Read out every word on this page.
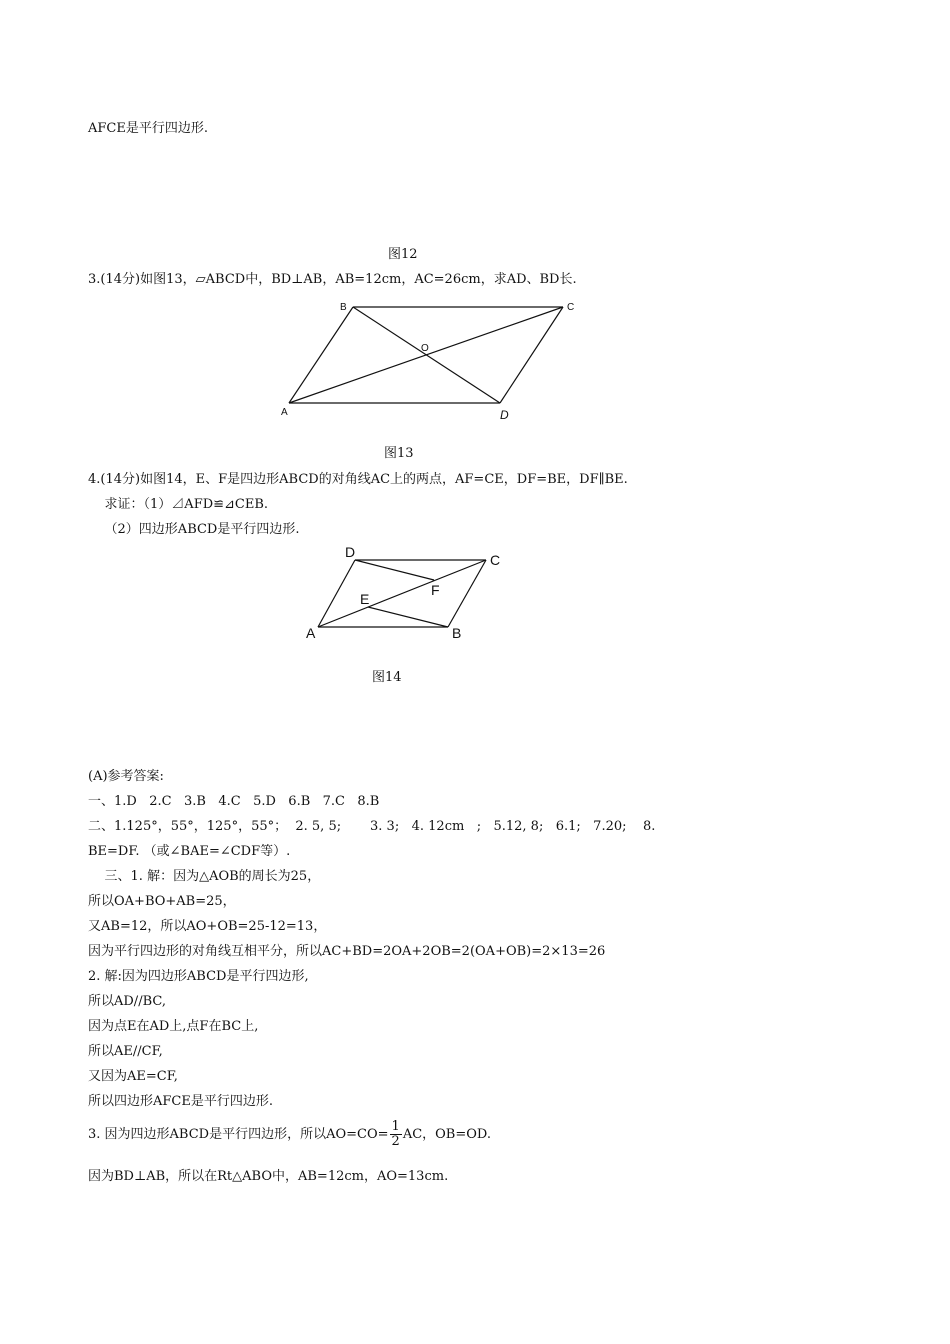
AFCE是平行四边形.
图12
3.(14分)如图13，▱ABCD中，BD⊥AB，AB=12cm，AC=26cm，求AD、BD长.
A
B	C
D
O
图13
4.(14分)如图14，E、F是四边形ABCD的对角线AC上的两点，AF=CE，DF=BE，DF∥BE.
求证：（1）⊿AFD≌⊿CEB.
（2）四边形ABCD是平行四边形.
A	B
C
D
E
F
图14
(A)参考答案:
一、1.D   2.C   3.B   4.C   5.D   6.B   7.C   8.B
二、1.125°，55°，125°，55°；  2. 5, 5;       3. 3;   4. 12cm   ;   5.12, 8;   6.1;   7.20;    8.
BE=DF. （或∠BAE=∠CDF等）.
三、1. 解：因为△AOB的周长为25，
所以OA+BO+AB=25，
又AB=12，所以AO+OB=25-12=13，
因为平行四边形的对角线互相平分，所以AC+BD=2OA+2OB=2(OA+OB)=2×13=26
2. 解:因为四边形ABCD是平行四边形,
所以AD//BC,
因为点E在AD上,点F在BC上,
所以AE//CF,
又因为AE=CF,
所以四边形AFCE是平行四边形.
3. 因为四边形ABCD是平行四边形，所以$AO=CO= \frac{1}{2}$ AC，OB=OD.
因为BD⊥AB，所以在Rt△ABO中，AB=12cm，AO=13cm.
